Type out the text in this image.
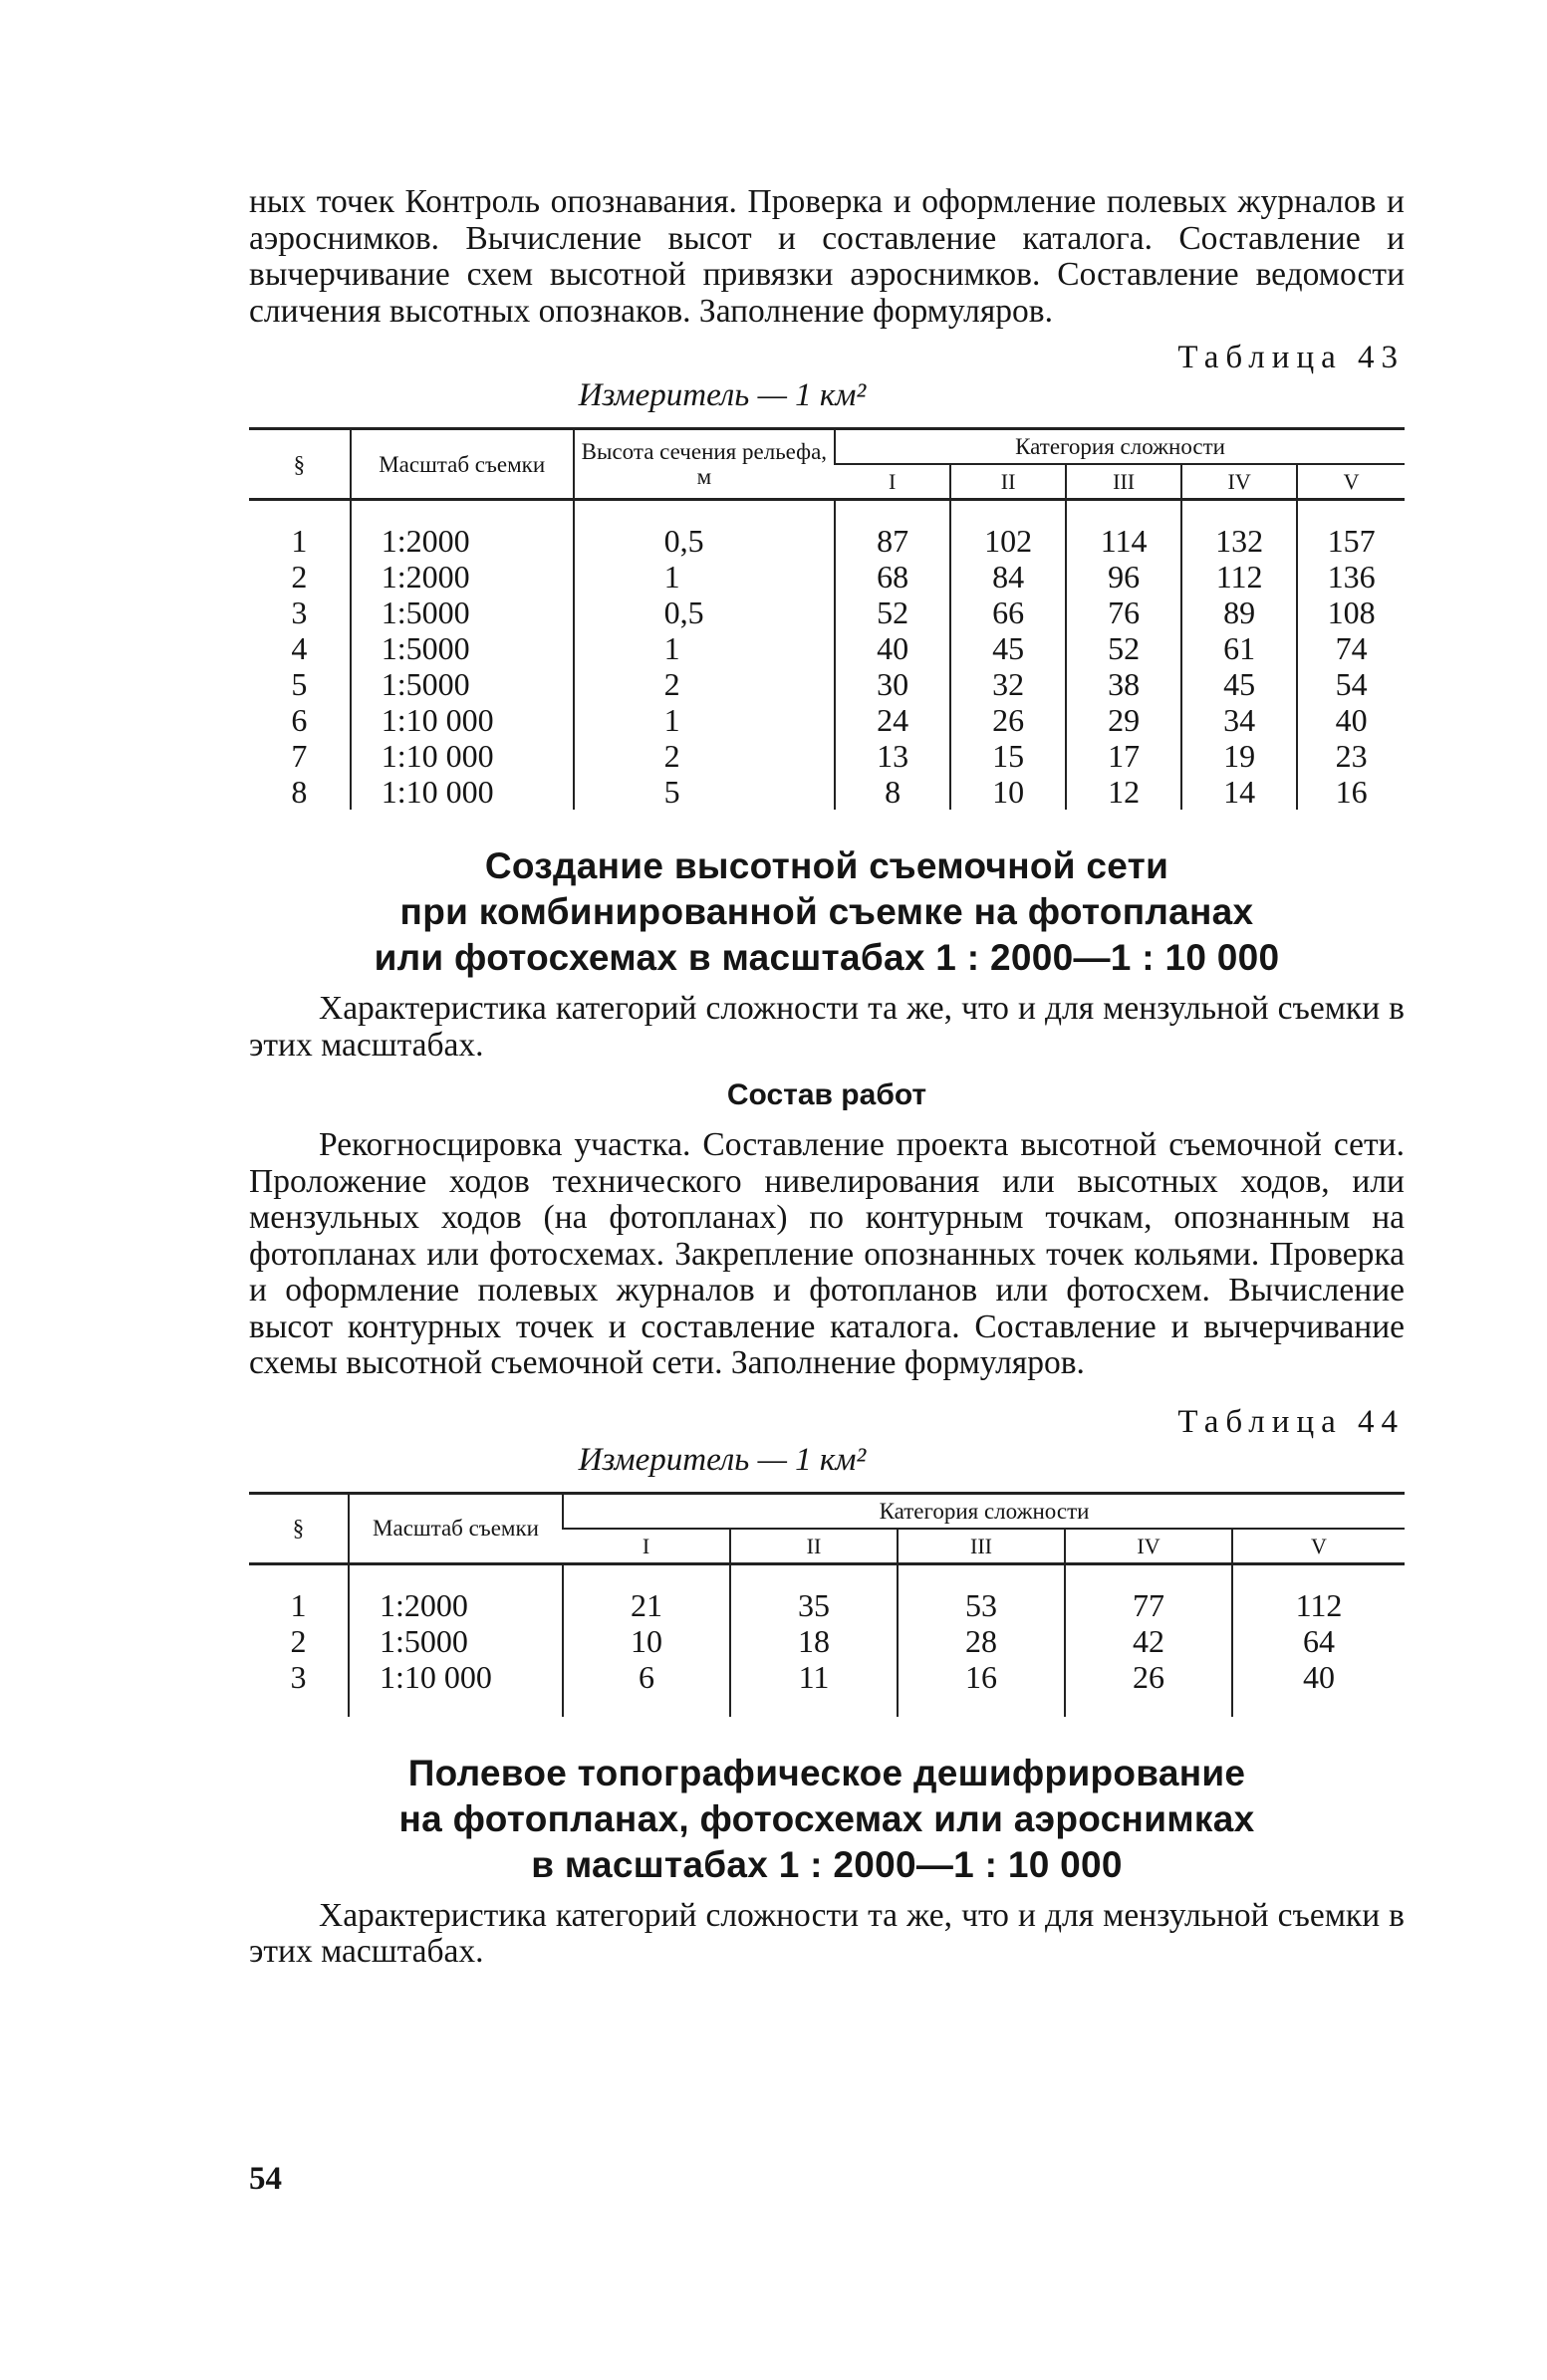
ных точек Контроль опознавания. Проверка и оформление полевых журналов и аэроснимков. Вычисление высот и составление каталога. Составление и вычерчивание схем высотной привязки аэроснимков. Составление ведомости сличения высотных опознаков. Заполнение формуляров.

Таблица 43
Измеритель — 1 км²
§	Масштаб съемки	Высота сечения рельефа, м	Категория сложности				
			I	II	III	IV	V

1	1:2000	0,5	87	102	114	132	157
2	1:2000	1	68	84	96	112	136
3	1:5000	0,5	52	66	76	89	108
4	1:5000	1	40	45	52	61	74
5	1:5000	2	30	32	38	45	54
6	1:10 000	1	24	26	29	34	40
7	1:10 000	2	13	15	17	19	23
8	1:10 000	5	8	10	12	14	16
Создание высотной съемочной сети
при комбинированной съемке на фотопланах
или фотосхемах в масштабах 1 : 2000—1 : 10 000

Характеристика категорий сложности та же, что и для мензульной съемки в этих масштабах.

Состав работ

Рекогносцировка участка. Составление проекта высотной съемочной сети. Проложение ходов технического нивелирования или высотных ходов, или мензульных ходов (на фотопланах) по контурным точкам, опознанным на фотопланах или фотосхемах. Закрепление опознанных точек кольями. Проверка и оформление полевых журналов и фотопланов или фотосхем. Вычисление высот контурных точек и составление каталога. Составление и вычерчивание схемы высотной съемочной сети. Заполнение формуляров.

Таблица 44
Измеритель — 1 км²
§	Масштаб съемки	Категория сложности				
		I	II	III	IV	V

1	1:2000	21	35	53	77	112
2	1:5000	10	18	28	42	64
3	1:10 000	6	11	16	26	40

Полевое топографическое дешифрирование
на фотопланах, фотосхемах или аэроснимках
в масштабах 1 : 2000—1 : 10 000

Характеристика категорий сложности та же, что и для мензульной съемки в этих масштабах.

54
